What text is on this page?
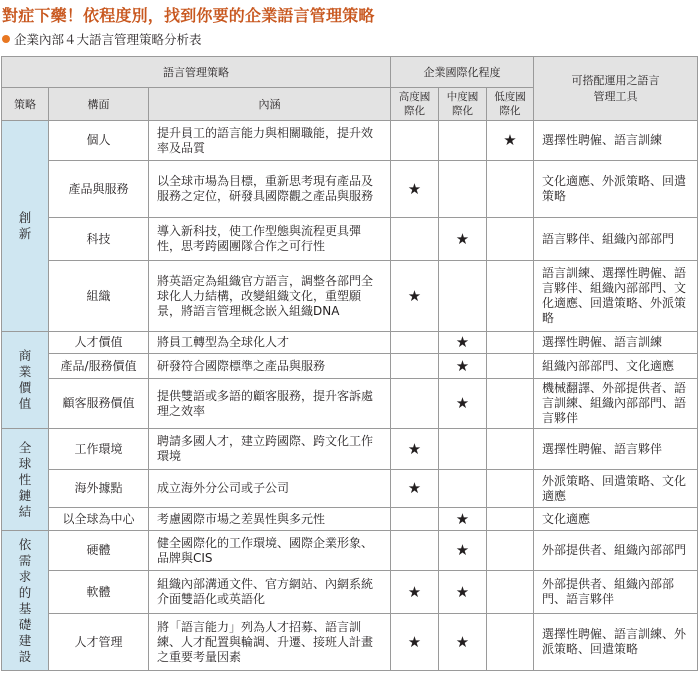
對症下藥！依程度別，找到你要的企業語言管理策略
企業內部４大語言管理策略分析表
語言管理策略			企業國際化程度			可搭配運用之語言管理工具

策略	構面	內涵	高度國際化	中度國際化	低度國際化	

創新	個人	提升員工的語言能力與相關職能，提升效率及品質			★	選擇性聘僱、語言訓練
	產品與服務	以全球市場為目標，重新思考現有產品及服務之定位，研發具國際觀之產品與服務	★			文化適應、外派策略、回遣策略
	科技	導入新科技，使工作型態與流程更具彈性，思考跨國團隊合作之可行性		★		語言夥伴、組織內部部門
	組織	將英語定為組織官方語言，調整各部門全球化人力結構，改變組織文化，重塑願景，將語言管理概念嵌入組織DNA	★			語言訓練、選擇性聘僱、語言夥伴、組織內部部門、文化適應、回遣策略、外派策略
商業價值	人才價值	將員工轉型為全球化人才		★		選擇性聘僱、語言訓練
	產品/服務價值	研發符合國際標準之產品與服務		★		組織內部部門、文化適應
	顧客服務價值	提供雙語或多語的顧客服務，提升客訴處理之效率		★		機械翻譯、外部提供者、語言訓練、組織內部部門、語言夥伴
全球性鏈結	工作環境	聘請多國人才，建立跨國際、跨文化工作環境	★			選擇性聘僱、語言夥伴
	海外據點	成立海外分公司或子公司	★			外派策略、回遣策略、文化適應
	以全球為中心	考慮國際市場之差異性與多元性		★		文化適應
依需求的基礎建設	硬體	健全國際化的工作環境、國際企業形象、品牌與CIS		★		外部提供者、組織內部部門
	軟體	組織內部溝通文件、官方網站、內網系統介面雙語化或英語化	★	★		外部提供者、組織內部部門、語言夥伴
	人才管理	將「語言能力」列為人才招募、語言訓練、人才配置與輪調、升遷、接班人計畫之重要考量因素	★	★		選擇性聘僱、語言訓練、外派策略、回遣策略
